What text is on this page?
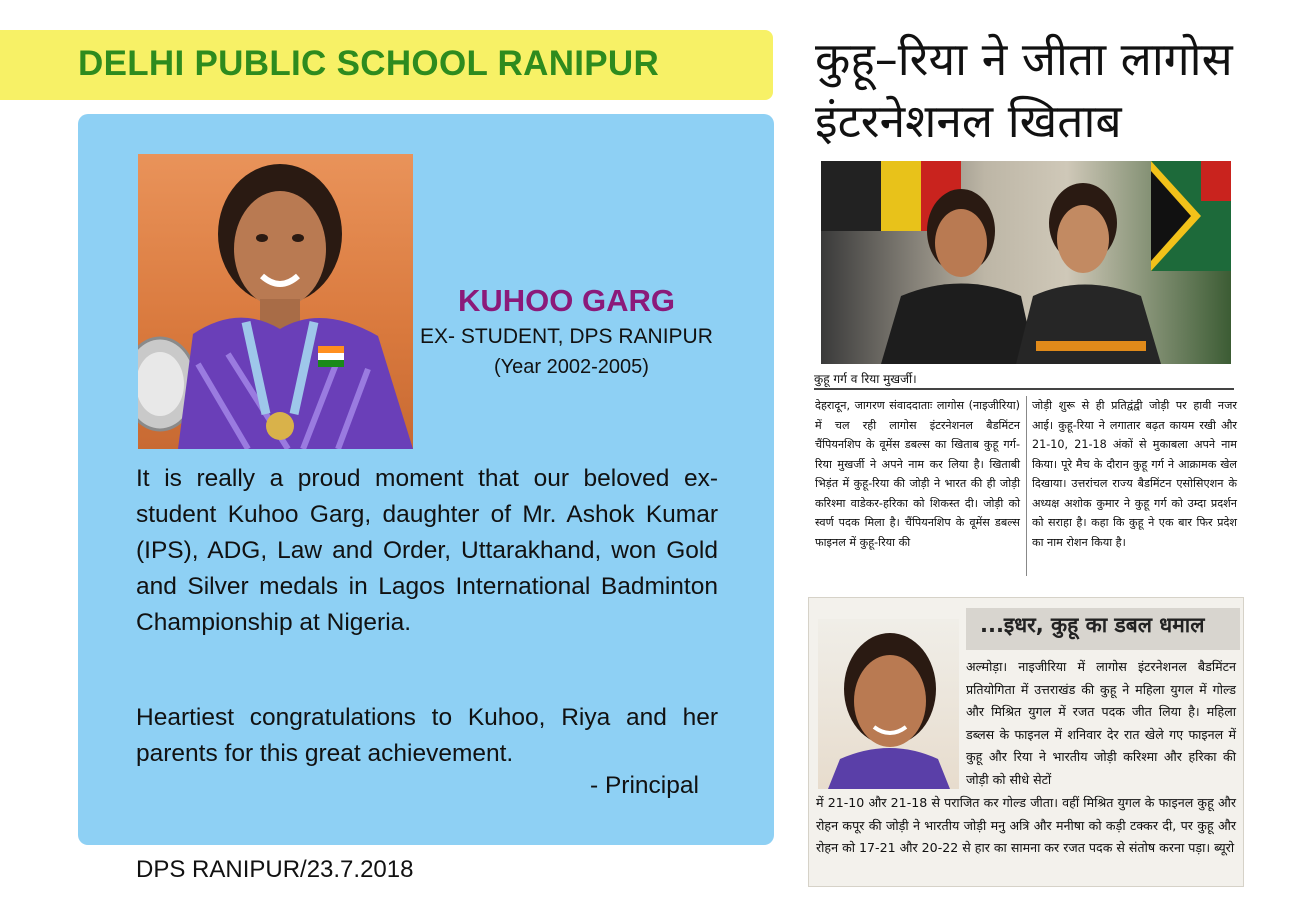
DELHI PUBLIC SCHOOL RANIPUR
KUHOO GARG
EX- STUDENT, DPS RANIPUR
(Year 2002-2005)

It is really a proud moment that our beloved ex-student Kuhoo Garg, daughter of Mr. Ashok Kumar (IPS), ADG, Law and Order, Uttarakhand, won Gold and Silver medals in Lagos International Badminton Championship at Nigeria.

Heartiest congratulations to Kuhoo, Riya and her parents for this great achievement.

- Principal
DPS RANIPUR/23.7.2018
कुहू–रिया ने जीता लागोस
इंटरनेशनल खिताब
कुहू गर्ग व रिया मुखर्जी।

देहरादून, जागरण संवाददाताः लागोस (नाइजीरिया) में चल रही लागोस इंटरनेशनल बैडमिंटन चैंपियनशिप के वूमेंस डबल्स का खिताब कुहू गर्ग-रिया मुखर्जी ने अपने नाम कर लिया है। खिताबी भिड़ंत में कुहू-रिया की जोड़ी ने भारत की ही जोड़ी करिश्मा वाडेकर-हरिका को शिकस्त दी। जोड़ी को स्वर्ण पदक मिला है। चैंपियनशिप के वूमेंस डबल्स फाइनल में कुहू-रिया की

जोड़ी शुरू से ही प्रतिद्वंद्वी जोड़ी पर हावी नजर आई। कुहू-रिया ने लगातार बढ़त कायम रखी और 21-10, 21-18 अंकों से मुकाबला अपने नाम किया। पूरे मैच के दौरान कुहू गर्ग ने आक्रामक खेल दिखाया। उत्तरांचल राज्य बैडमिंटन एसोसिएशन के अध्यक्ष अशोक कुमार ने कुहू गर्ग को उम्दा प्रदर्शन को सराहा है। कहा कि कुहू ने एक बार फिर प्रदेश का नाम रोशन किया है।

...इधर, कुहू का डबल धमाल

अल्मोड़ा। नाइजीरिया में लागोस इंटरनेशनल बैडमिंटन प्रतियोगिता में उत्तराखंड की कुहू ने महिला युगल में गोल्ड और मिश्रित युगल में रजत पदक जीत लिया है। महिला डब्लस के फाइनल में शनिवार देर रात खेले गए फाइनल में कुहू और रिया ने भारतीय जोड़ी करिश्मा और हरिका की जोड़ी को सीधे सेटों

में 21-10 और 21-18 से पराजित कर गोल्ड जीता। वहीं मिश्रित युगल के फाइनल कुहू और रोहन कपूर की जोड़ी ने भारतीय जोड़ी मनु अत्रि और मनीषा को कड़ी टक्कर दी, पर कुहू और रोहन को 17-21 और 20-22 से हार का सामना कर रजत पदक से संतोष करना पड़ा। ब्यूरो
